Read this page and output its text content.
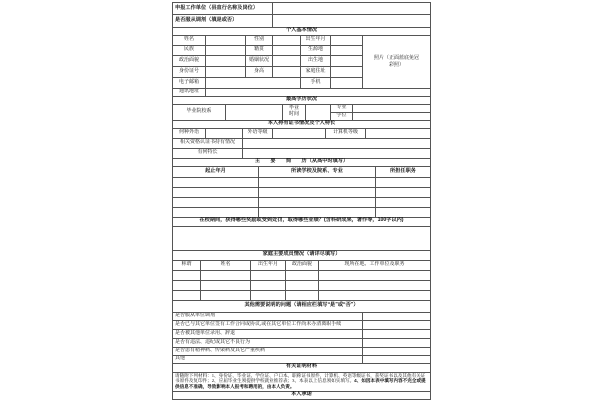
申报工作单位（县直行名称及岗位）	
是否服从调剂（填是或否）	
个人基本情况						
姓名		性别		出生年月		照片（正面蓝底免冠彩照）

民族		籍贯		生源地		
政治面貌		婚姻状况		出生地		
身份证号		身高		家庭住址		
电子邮箱				手机		
通讯地址						
最高学历状况					
毕业院校系		毕业时间		专业	
				学位	
本人持有证书情况及个人特长					
何种外语		外语等级		计算机等级	
相关资格认证书持有情况					
有何特长					
主　　要　　简　　历（从高中时填写）		
起止年月	所读学校及院系、专业	所担任职务

在校期间，获得哪些奖励或受到处罚，取得哪些业绩？(含科研成果，著作等，100字以内)

家庭主要成员情况（请详尽填写）				
称谓	姓名	出生年月	政治面貌	现所在地、工作单位及职务

其他需要说明的问题（请相应栏填写“是”或“否”）	
是否服从单位调剂	
是否已与其它单位签有工作合同或协议,或在其它单位工作尚未办清离职手续	
是否被其他单位录用、辞退	
是否有违法、违纪或其它不良行为	
是否患有精神病、传染病及其它严重疾病	
其他	
有关证明材料

请随附下列材料：1、身份证、毕业证、学位证、户口本、职称证书原件，计算机、英语等级证书，获奖证书以及其他有关证书原件及复印件；2、应届毕业生须提供学校就业推荐表；3、本表以上信息须如实填写。4、如因本表中填写内容不完全或提供信息不准确，导致影响本人报考和聘用的，由本人负责。
本人承诺
